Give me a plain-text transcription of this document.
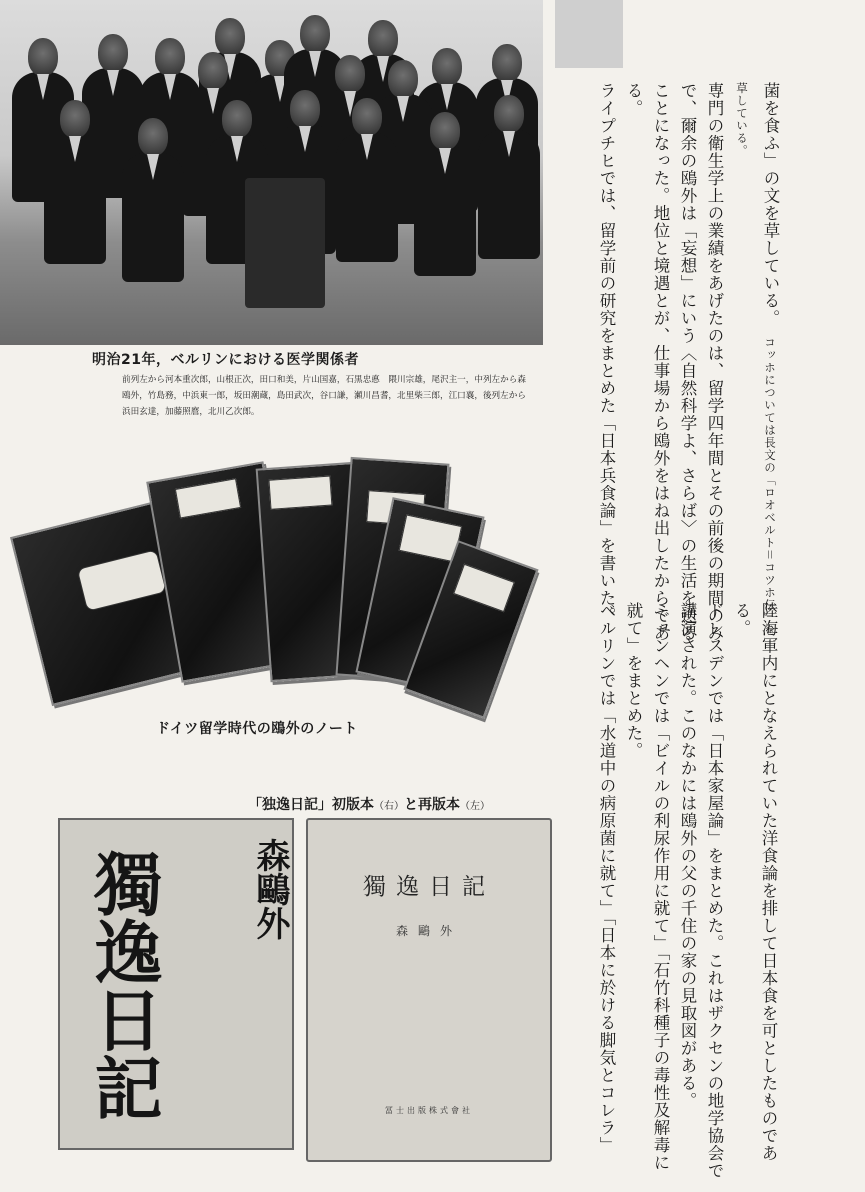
明治21年，ベルリンにおける医学関係者
前列左から河本重次郎，山根正次，田口和美，片山国嘉，石黒忠悳　隈川宗雄，尾沢主一，中列左から森鴎外，竹島務，中浜東一郎，坂田潮蔵，島田武次，谷口謙，瀬川昌耆，北里柴三郎，江口襄，後列左から浜田玄達，加藤照麿，北川乙次郎。
ドイツ留学時代の鴎外のノート
「独逸日記」初版本（右）と再版本（左）
森鷗外
獨逸日記	獨逸日記
森鷗外
冨士出版株式會社

菌を食ふ」の文を草している。　コッホについては長文の「ロオベルト＝コツホ伝」を草している。

専門の衛生学上の業績をあげたのは、留学四年間とその前後の期間のみで、爾余の鴎外は「妄想」にいう〈自然科学よ、さらば〉の生活を送ることになった。地位と境遇とが、仕事場から鴎外をはね出したからである。

ライプチヒでは、留学前の研究をまとめた「日本兵食論」を書いた。

陸海軍内にとなえられていた洋食論を排して日本食を可としたものである。

ドレスデンでは「日本家屋論」をまとめた。これはザクセンの地学協会で講演された。このなかには鴎外の父の千住の家の見取図がある。

ミュンヘンでは「ビイルの利尿作用に就て」「石竹科種子の毒性及解毒に就て」をまとめた。

ベルリンでは「水道中の病原菌に就て」「日本に於ける脚気とコレラ」
